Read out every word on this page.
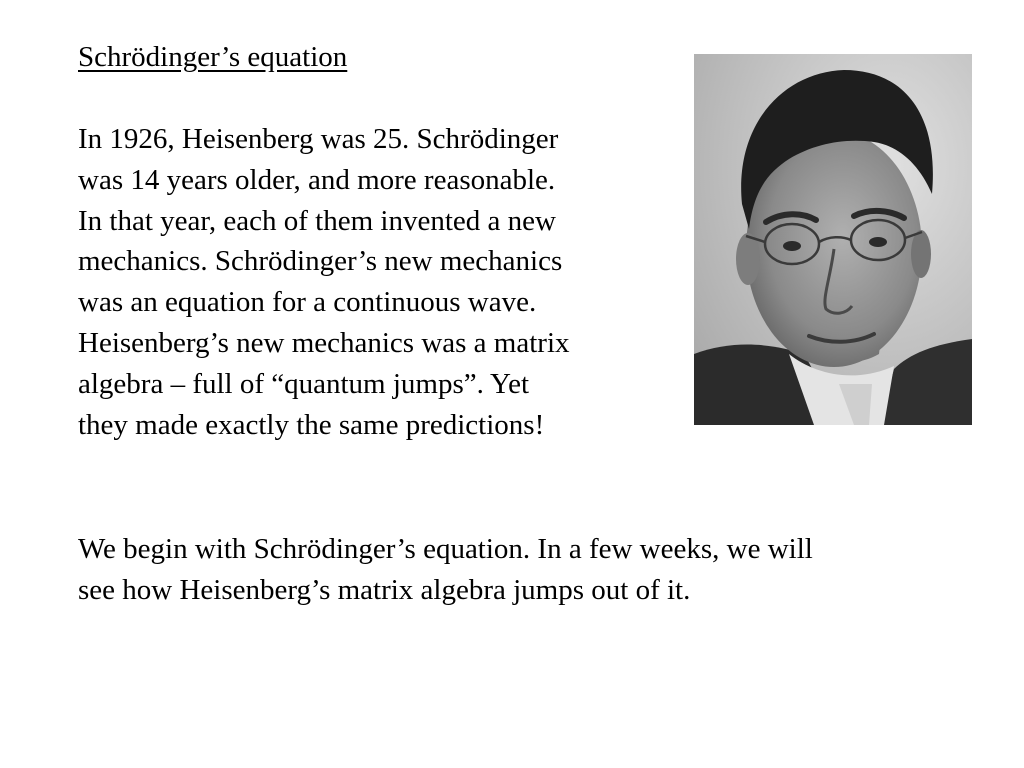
Schrödinger’s equation
In 1926, Heisenberg was 25. Schrödinger
was 14 years older, and more reasonable.
In that year, each of them invented a new
mechanics. Schrödinger’s new mechanics
was an equation for a continuous wave.
Heisenberg’s new mechanics was a matrix
algebra – full of “quantum jumps”. Yet
they made exactly the same predictions!
We begin with Schrödinger’s equation. In a few weeks, we will
see how Heisenberg’s matrix algebra jumps out of it.
